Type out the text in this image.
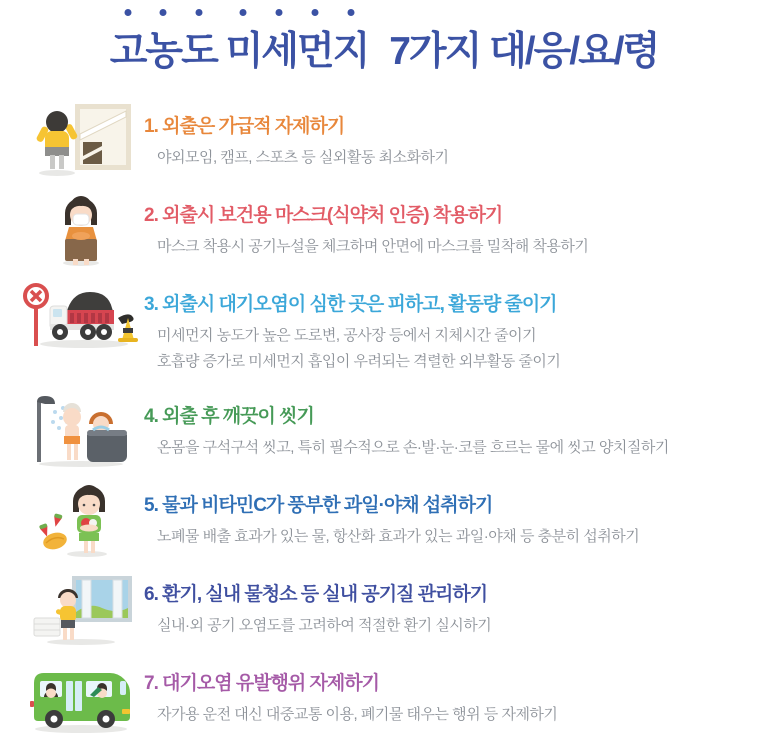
고농도 미세먼지 7가지 대/응/요/령
1. 외출은 가급적 자제하기
야외모임, 캠프, 스포츠 등 실외활동 최소화하기
2. 외출시 보건용 마스크(식약처 인증) 착용하기
마스크 착용시 공기누설을 체크하며 안면에 마스크를 밀착해 착용하기
3. 외출시 대기오염이 심한 곳은 피하고, 활동량 줄이기
미세먼지 농도가 높은 도로변, 공사장 등에서 지체시간 줄이기
호흡량 증가로 미세먼지 흡입이 우려되는 격렬한 외부활동 줄이기
4. 외출 후 깨끗이 씻기
온몸을 구석구석 씻고, 특히 필수적으로 손·발·눈·코를 흐르는 물에 씻고 양치질하기
5. 물과 비타민C가 풍부한 과일·야채 섭취하기
노폐물 배출 효과가 있는 물, 항산화 효과가 있는 과일·야채 등 충분히 섭취하기
6. 환기, 실내 물청소 등 실내 공기질 관리하기
실내·외 공기 오염도를 고려하여 적절한 환기 실시하기
7. 대기오염 유발행위 자제하기
자가용 운전 대신 대중교통 이용, 폐기물 태우는 행위 등 자제하기
